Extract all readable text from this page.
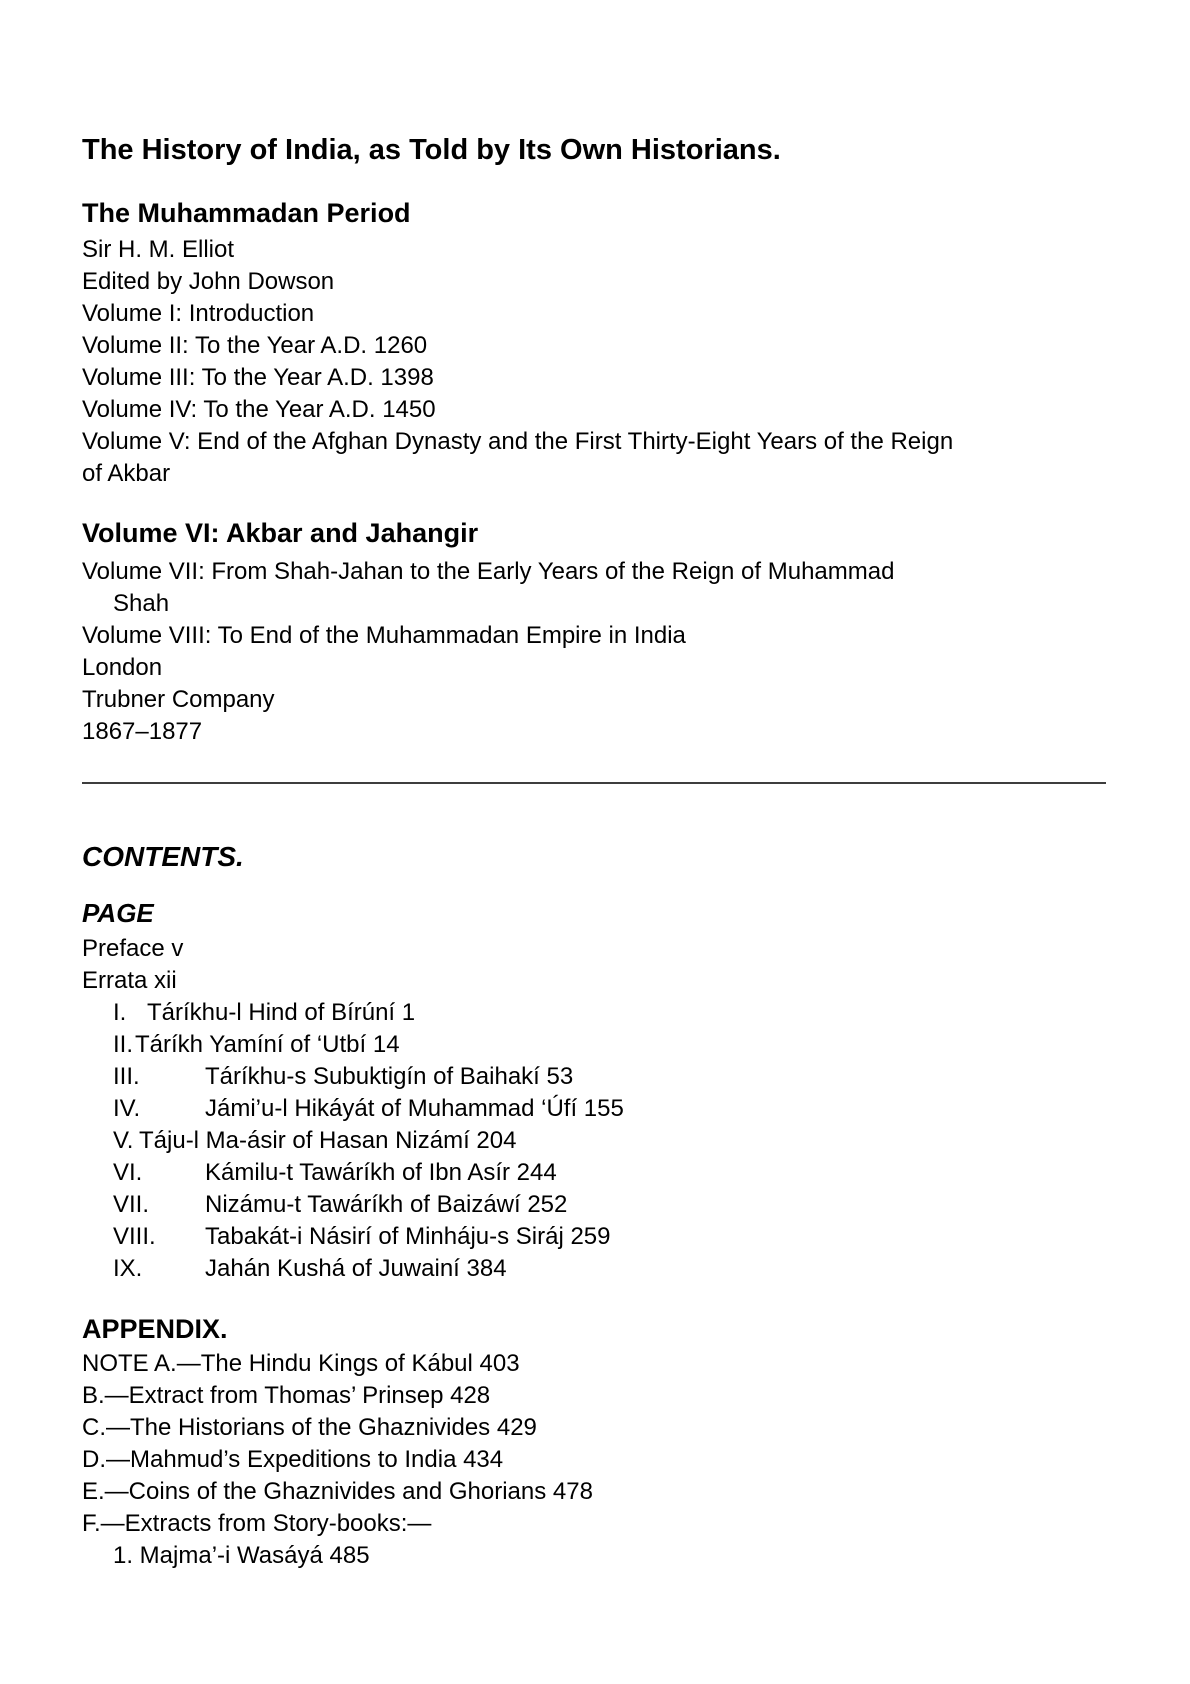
The History of India, as Told by Its Own Historians.
The Muhammadan Period
Sir H. M. Elliot
Edited by John Dowson
Volume I: Introduction
Volume II: To the Year A.D. 1260
Volume III: To the Year A.D. 1398
Volume IV: To the Year A.D. 1450
Volume V: End of the Afghan Dynasty and the First Thirty-Eight Years of the Reign
of Akbar
Volume VI: Akbar and Jahangir
Volume VII: From Shah-Jahan to the Early Years of the Reign of Muhammad
Shah
Volume VIII: To End of the Muhammadan Empire in India
London
Trubner Company
1867–1877
CONTENTS.
PAGE
Preface v
Errata xii
I. Táríkhu-l Hind of Bírúní 1
II.Táríkh Yamíní of ‘Utbí 14
III.	Táríkhu-s Subuktigín of Baihakí 53
IV.	Jámi’u-l Hikáyát of Muhammad ‘Úfí 155
V. Táju-l Ma-ásir of Hasan Nizámí 204
VI.	Kámilu-t Tawáríkh of Ibn Asír 244
VII. Nizámu-t Tawáríkh of Baizáwí 252
VIII. Tabakát-i Násirí of Minháju-s Siráj 259
IX.	Jahán Kushá of Juwainí 384
APPENDIX.
NOTE A.—The Hindu Kings of Kábul 403
B.—Extract from Thomas’ Prinsep 428
C.—The Historians of the Ghaznivides 429
D.—Mahmud’s Expeditions to India 434
E.—Coins of the Ghaznivides and Ghorians 478
F.—Extracts from Story-books:—
1. Majma’-i Wasáyá 485
